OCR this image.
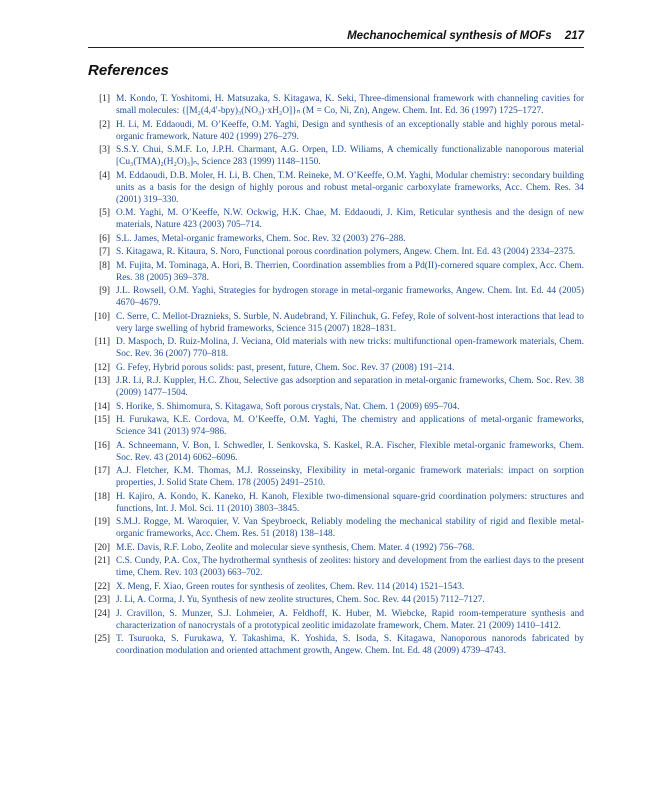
Mechanochemical synthesis of MOFs 217
References
[1] M. Kondo, T. Yoshitomi, H. Matsuzaka, S. Kitagawa, K. Seki, Three-dimensional framework with channeling cavities for small molecules: {[M₂(4,4′-bpy)₃(NO₃)·xH₂O]}ₙ (M = Co, Ni, Zn), Angew. Chem. Int. Ed. 36 (1997) 1725–1727.
[2] H. Li, M. Eddaoudi, M. O’Keeffe, O.M. Yaghi, Design and synthesis of an exceptionally stable and highly porous metal-organic framework, Nature 402 (1999) 276–279.
[3] S.S.Y. Chui, S.M.F. Lo, J.P.H. Charmant, A.G. Orpen, I.D. Wiliams, A chemically functionalizable nanoporous material [Cu₃(TMA)₂(H₂O)₃]ₙ, Science 283 (1999) 1148–1150.
[4] M. Eddaoudi, D.B. Moler, H. Li, B. Chen, T.M. Reineke, M. O’Keeffe, O.M. Yaghi, Modular chemistry: secondary building units as a basis for the design of highly porous and robust metal-organic carboxylate frameworks, Acc. Chem. Res. 34 (2001) 319–330.
[5] O.M. Yaghi, M. O’Keeffe, N.W. Ockwig, H.K. Chae, M. Eddaoudi, J. Kim, Reticular synthesis and the design of new materials, Nature 423 (2003) 705–714.
[6] S.L. James, Metal-organic frameworks, Chem. Soc. Rev. 32 (2003) 276–288.
[7] S. Kitagawa, R. Kitaura, S. Noro, Functional porous coordination polymers, Angew. Chem. Int. Ed. 43 (2004) 2334–2375.
[8] M. Fujita, M. Tominaga, A. Hori, B. Therrien, Coordination assemblies from a Pd(II)-cornered square complex, Acc. Chem. Res. 38 (2005) 369–378.
[9] J.L. Rowsell, O.M. Yaghi, Strategies for hydrogen storage in metal-organic frameworks, Angew. Chem. Int. Ed. 44 (2005) 4670–4679.
[10] C. Serre, C. Mellot-Draznieks, S. Surble, N. Audebrand, Y. Filinchuk, G. Fefey, Role of solvent-host interactions that lead to very large swelling of hybrid frameworks, Science 315 (2007) 1828–1831.
[11] D. Maspoch, D. Ruiz-Molina, J. Veciana, Old materials with new tricks: multifunctional open-framework materials, Chem. Soc. Rev. 36 (2007) 770–818.
[12] G. Fefey, Hybrid porous solids: past, present, future, Chem. Soc. Rev. 37 (2008) 191–214.
[13] J.R. Li, R.J. Kuppler, H.C. Zhou, Selective gas adsorption and separation in metal-organic frameworks, Chem. Soc. Rev. 38 (2009) 1477–1504.
[14] S. Horike, S. Shimomura, S. Kitagawa, Soft porous crystals, Nat. Chem. 1 (2009) 695–704.
[15] H. Furukawa, K.E. Cordova, M. O’Keeffe, O.M. Yaghi, The chemistry and applications of metal-organic frameworks, Science 341 (2013) 974–986.
[16] A. Schneemann, V. Bon, I. Schwedler, I. Senkovska, S. Kaskel, R.A. Fischer, Flexible metal-organic frameworks, Chem. Soc. Rev. 43 (2014) 6062–6096.
[17] A.J. Fletcher, K.M. Thomas, M.J. Rosseinsky, Flexibility in metal-organic framework materials: impact on sorption properties, J. Solid State Chem. 178 (2005) 2491–2510.
[18] H. Kajiro, A. Kondo, K. Kaneko, H. Kanoh, Flexible two-dimensional square-grid coordination polymers: structures and functions, Int. J. Mol. Sci. 11 (2010) 3803–3845.
[19] S.M.J. Rogge, M. Waroquier, V. Van Speybroeck, Reliably modeling the mechanical stability of rigid and flexible metal-organic frameworks, Acc. Chem. Res. 51 (2018) 138–148.
[20] M.E. Davis, R.F. Lobo, Zeolite and molecular sieve synthesis, Chem. Mater. 4 (1992) 756–768.
[21] C.S. Cundy, P.A. Cox, The hydrothermal synthesis of zeolites: history and development from the earliest days to the present time, Chem. Rev. 103 (2003) 663–702.
[22] X. Meng, F. Xiao, Green routes for synthesis of zeolites, Chem. Rev. 114 (2014) 1521–1543.
[23] J. Li, A. Corma, J. Yu, Synthesis of new zeolite structures, Chem. Soc. Rev. 44 (2015) 7112–7127.
[24] J. Cravillon, S. Munzer, S.J. Lohmeier, A. Feldhoff, K. Huber, M. Wiebcke, Rapid room-temperature synthesis and characterization of nanocrystals of a prototypical zeolitic imidazolate framework, Chem. Mater. 21 (2009) 1410–1412.
[25] T. Tsuruoka, S. Furukawa, Y. Takashima, K. Yoshida, S. Isoda, S. Kitagawa, Nanoporous nanorods fabricated by coordination modulation and oriented attachment growth, Angew. Chem. Int. Ed. 48 (2009) 4739–4743.
